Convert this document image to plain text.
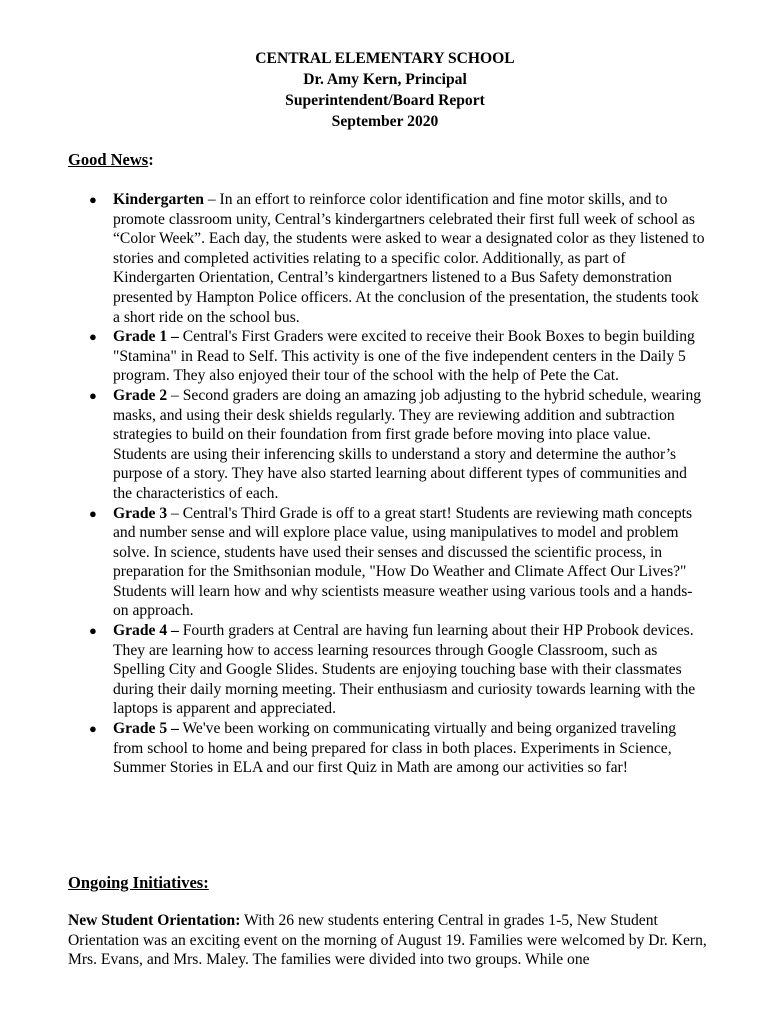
CENTRAL ELEMENTARY SCHOOL
Dr. Amy Kern, Principal
Superintendent/Board Report
September 2020
Good News:
● Kindergarten – In an effort to reinforce color identification and fine motor skills, and to promote classroom unity, Central’s kindergartners celebrated their first full week of school as “Color Week”. Each day, the students were asked to wear a designated color as they listened to stories and completed activities relating to a specific color. Additionally, as part of Kindergarten Orientation, Central’s kindergartners listened to a Bus Safety demonstration presented by Hampton Police officers. At the conclusion of the presentation, the students took a short ride on the school bus.
● Grade 1 – Central's First Graders were excited to receive their Book Boxes to begin building "Stamina" in Read to Self. This activity is one of the five independent centers in the Daily 5 program. They also enjoyed their tour of the school with the help of Pete the Cat.
● Grade 2 – Second graders are doing an amazing job adjusting to the hybrid schedule, wearing masks, and using their desk shields regularly. They are reviewing addition and subtraction strategies to build on their foundation from first grade before moving into place value. Students are using their inferencing skills to understand a story and determine the author’s purpose of a story. They have also started learning about different types of communities and the characteristics of each.
● Grade 3 – Central's Third Grade is off to a great start! Students are reviewing math concepts and number sense and will explore place value, using manipulatives to model and problem solve. In science, students have used their senses and discussed the scientific process, in preparation for the Smithsonian module, "How Do Weather and Climate Affect Our Lives?" Students will learn how and why scientists measure weather using various tools and a hands-on approach.
● Grade 4 – Fourth graders at Central are having fun learning about their HP Probook devices. They are learning how to access learning resources through Google Classroom, such as Spelling City and Google Slides. Students are enjoying touching base with their classmates during their daily morning meeting. Their enthusiasm and curiosity towards learning with the laptops is apparent and appreciated.
● Grade 5 – We've been working on communicating virtually and being organized traveling from school to home and being prepared for class in both places. Experiments in Science, Summer Stories in ELA and our first Quiz in Math are among our activities so far!
Ongoing Initiatives:
New Student Orientation: With 26 new students entering Central in grades 1-5, New Student Orientation was an exciting event on the morning of August 19. Families were welcomed by Dr. Kern, Mrs. Evans, and Mrs. Maley. The families were divided into two groups. While one
